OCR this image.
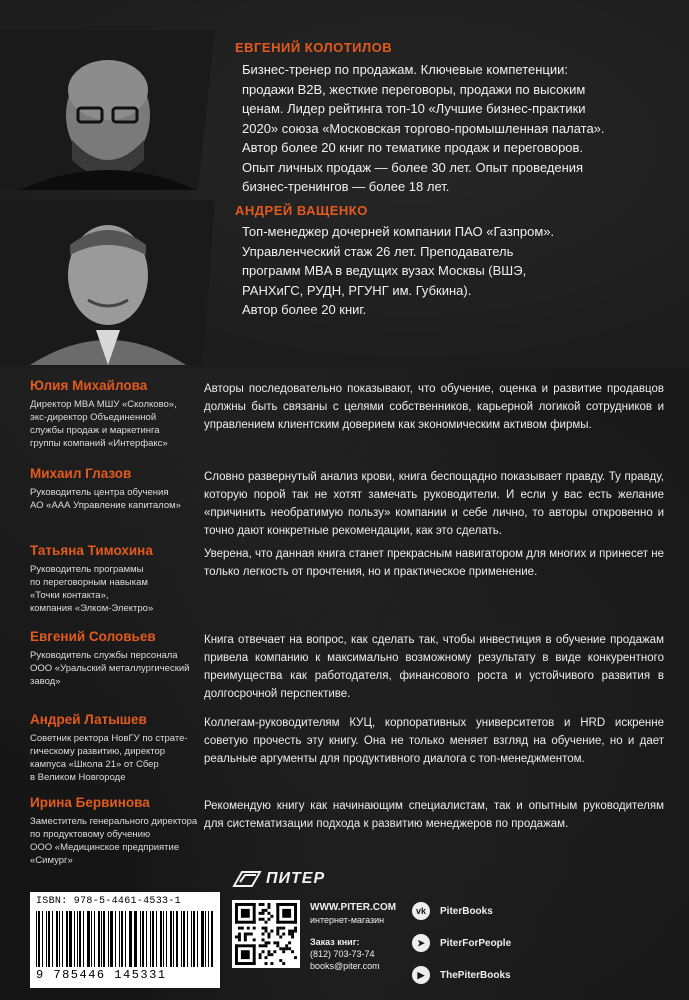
ЕВГЕНИЙ КОЛОТИЛОВ
Бизнес-тренер по продажам. Ключевые компетенции:
продажи B2B, жесткие переговоры, продажи по высоким
ценам. Лидер рейтинга топ-10 «Лучшие бизнес-практики
2020» союза «Московская торгово-промышленная палата».
Автор более 20 книг по тематике продаж и переговоров.
Опыт личных продаж — более 30 лет. Опыт проведения
бизнес-тренингов — более 18 лет.
АНДРЕЙ ВАЩЕНКО
Топ-менеджер дочерней компании ПАО «Газпром».
Управленческий стаж 26 лет. Преподаватель
программ MBA в ведущих вузах Москвы (ВШЭ,
РАНХиГС, РУДН, РГУНГ им. Губкина).
Автор более 20 книг.
Юлия Михайлова
Директор MBA МШУ «Сколково»,
экс-директор Объединенной
службы продаж и маркетинга
группы компаний «Интерфакс»
Авторы последовательно показывают, что обучение, оценка и развитие продавцов должны быть связаны с целями собственников, карьерной логикой сотрудников и управлением клиентским доверием как экономическим активом фирмы.
Михаил Глазов
Руководитель центра обучения
АО «ААА Управление капиталом»
Словно развернутый анализ крови, книга беспощадно показывает правду. Ту правду, которую порой так не хотят замечать руководители. И если у вас есть желание «причинить необратимую пользу» компании и себе лично, то авторы откровенно и точно дают конкретные рекомендации, как это сделать.
Татьяна Тимохина
Руководитель программы
по переговорным навыкам
«Точки контакта»,
компания «Элком-Электро»
Уверена, что данная книга станет прекрасным навигатором для многих и принесет не только легкость от прочтения, но и практическое применение.
Евгений Соловьев
Руководитель службы персонала
ООО «Уральский металлургический
завод»
Книга отвечает на вопрос, как сделать так, чтобы инвестиция в обучение продажам привела компанию к максимально возможному результату в виде конкурентного преимущества как работодателя, финансового роста и устойчивого развития в долгосрочной перспективе.
Андрей Латышев
Советник ректора НовГУ по страте-
гическому развитию, директор
кампуса «Школа 21» от Сбер
в Великом Новгороде
Коллегам-руководителям КУЦ, корпоративных университетов и HRD искренне советую прочесть эту книгу. Она не только меняет взгляд на обучение, но и дает реальные аргументы для продуктивного диалога с топ-менеджментом.
Ирина Бервинова
Заместитель генерального директора
по продуктовому обучению
ООО «Медицинское предприятие
«Симург»
Рекомендую книгу как начинающим специалистам, так и опытным руководителям для систематизации подхода к развитию менеджеров по продажам.
ПИТЕР
ISBN: 978-5-4461-4533-1
9 785446 145331
WWW.PITER.COM
интернет-магазин
Заказ книг:
(812) 703-73-74
books@piter.com
vk	PiterBooks
➤	PiterForPeople
▶	ThePiterBooks
